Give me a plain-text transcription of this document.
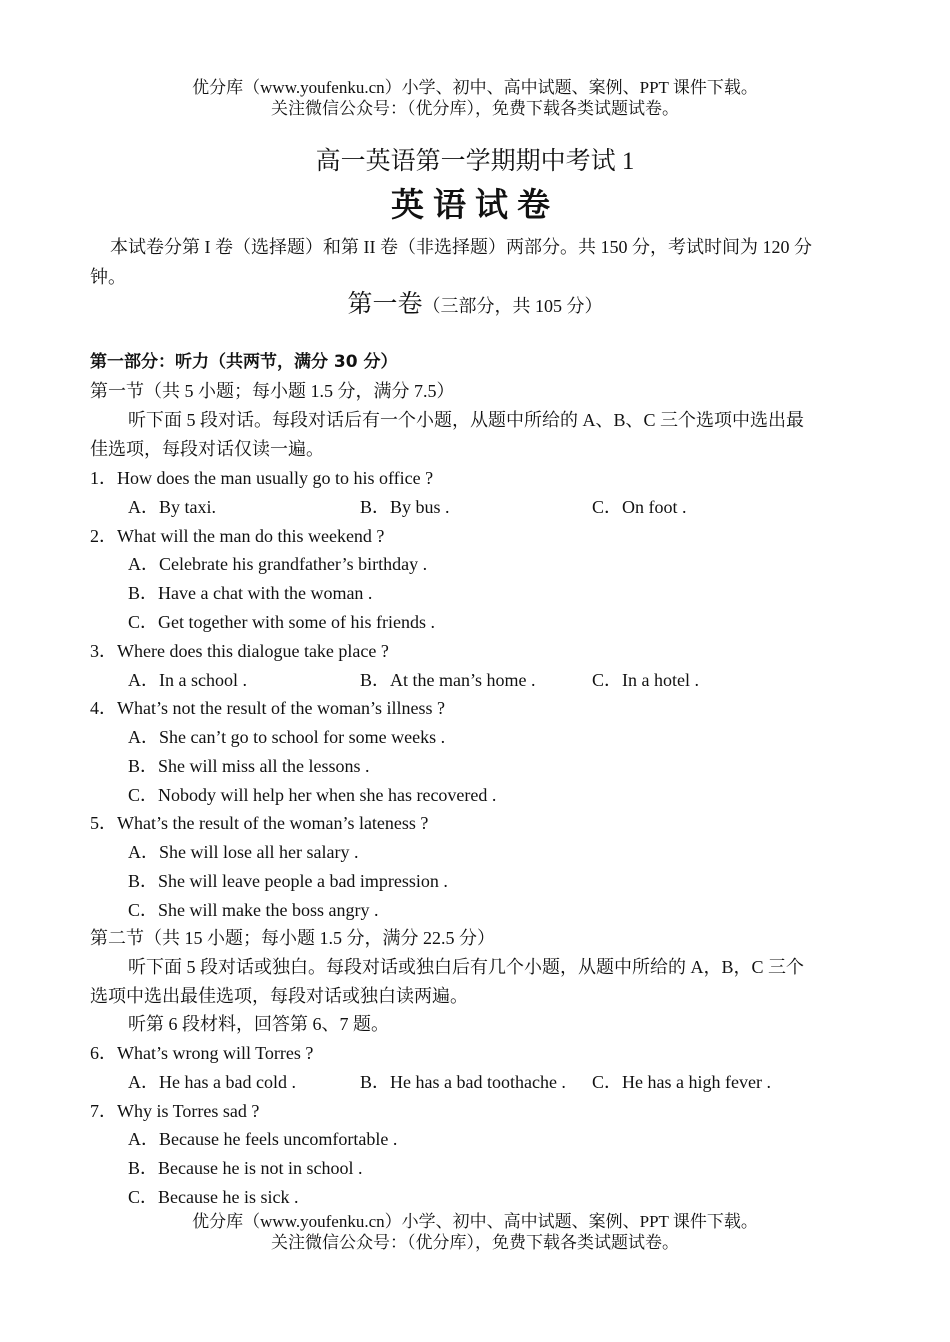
优分库（www.youfenku.cn）小学、初中、高中试题、案例、PPT 课件下载。
关注微信公众号：（优分库），免费下载各类试题试卷。
高一英语第一学期期中考试 1
英语试卷
本试卷分第 I 卷（选择题）和第 II 卷（非选择题）两部分。共 150 分，考试时间为 120 分
钟。
第一卷（三部分，共 105 分）
第一部分：听力（共两节，满分 30 分）
第一节（共 5 小题；每小题 1.5 分，满分 7.5）
听下面 5 段对话。每段对话后有一个小题，从题中所给的 A、B、C 三个选项中选出最
佳选项，每段对话仅读一遍。
1．How does the man usually go to his office ?
A．By taxi.	B．By bus .	C．On foot .
2．What will the man do this weekend ?
A．Celebrate his grandfather’s birthday .
B．Have a chat with the woman .
C．Get together with some of his friends .
3．Where does this dialogue take place ?
A．In a school .	B．At the man’s home .	C．In a hotel .
4．What’s not the result of the woman’s illness ?
A．She can’t go to school for some weeks .
B．She will miss all the lessons .
C．Nobody will help her when she has recovered .
5．What’s the result of the woman’s lateness ?
A．She will lose all her salary .
B．She will leave people a bad impression .
C．She will make the boss angry .
第二节（共 15 小题；每小题 1.5 分，满分 22.5 分）
听下面 5 段对话或独白。每段对话或独白后有几个小题，从题中所给的 A，B，C 三个
选项中选出最佳选项，每段对话或独白读两遍。
听第 6 段材料，回答第 6、7 题。
6．What’s wrong will Torres ?
A．He has a bad cold .	B．He has a bad toothache . C．He has a high fever .
7．Why is Torres sad ?
A．Because he feels uncomfortable .
B．Because he is not in school .
C．Because he is sick .
优分库（www.youfenku.cn）小学、初中、高中试题、案例、PPT 课件下载。
关注微信公众号：（优分库），免费下载各类试题试卷。
